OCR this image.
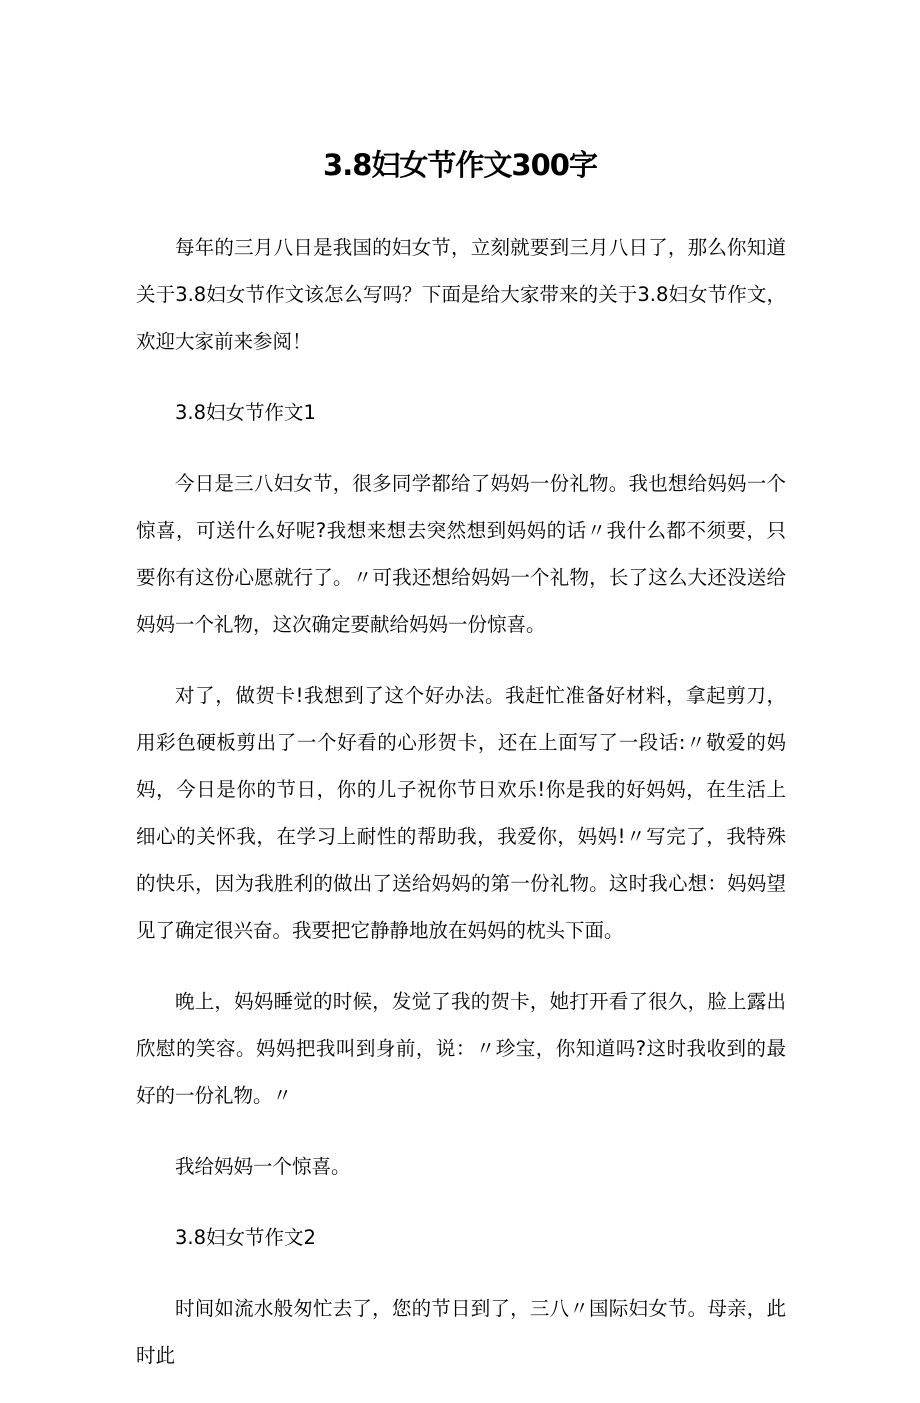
3.8妇女节作文300字

每年的三月八日是我国的妇女节，立刻就要到三月八日了，那么你知道关于3.8妇女节作文该怎么写吗？下面是给大家带来的关于3.8妇女节作文，欢迎大家前来参阅！

3.8妇女节作文1

今日是三八妇女节，很多同学都给了妈妈一份礼物。我也想给妈妈一个惊喜，可送什么好呢?我想来想去突然想到妈妈的话〃我什么都不须要，只要你有这份心愿就行了。〃可我还想给妈妈一个礼物，长了这么大还没送给妈妈一个礼物，这次确定要献给妈妈一份惊喜。

对了，做贺卡!我想到了这个好办法。我赶忙准备好材料，拿起剪刀，用彩色硬板剪出了一个好看的心形贺卡，还在上面写了一段话:〃敬爱的妈妈，今日是你的节日，你的儿子祝你节日欢乐!你是我的好妈妈，在生活上细心的关怀我，在学习上耐性的帮助我，我爱你，妈妈!〃写完了，我特殊的快乐，因为我胜利的做出了送给妈妈的第一份礼物。这时我心想：妈妈望见了确定很兴奋。我要把它静静地放在妈妈的枕头下面。

晚上，妈妈睡觉的时候，发觉了我的贺卡，她打开看了很久，脸上露出欣慰的笑容。妈妈把我叫到身前，说：〃珍宝，你知道吗?这时我收到的最好的一份礼物。〃

我给妈妈一个惊喜。

3.8妇女节作文2

时间如流水般匆忙去了，您的节日到了，三八〃国际妇女节。母亲，此时此
